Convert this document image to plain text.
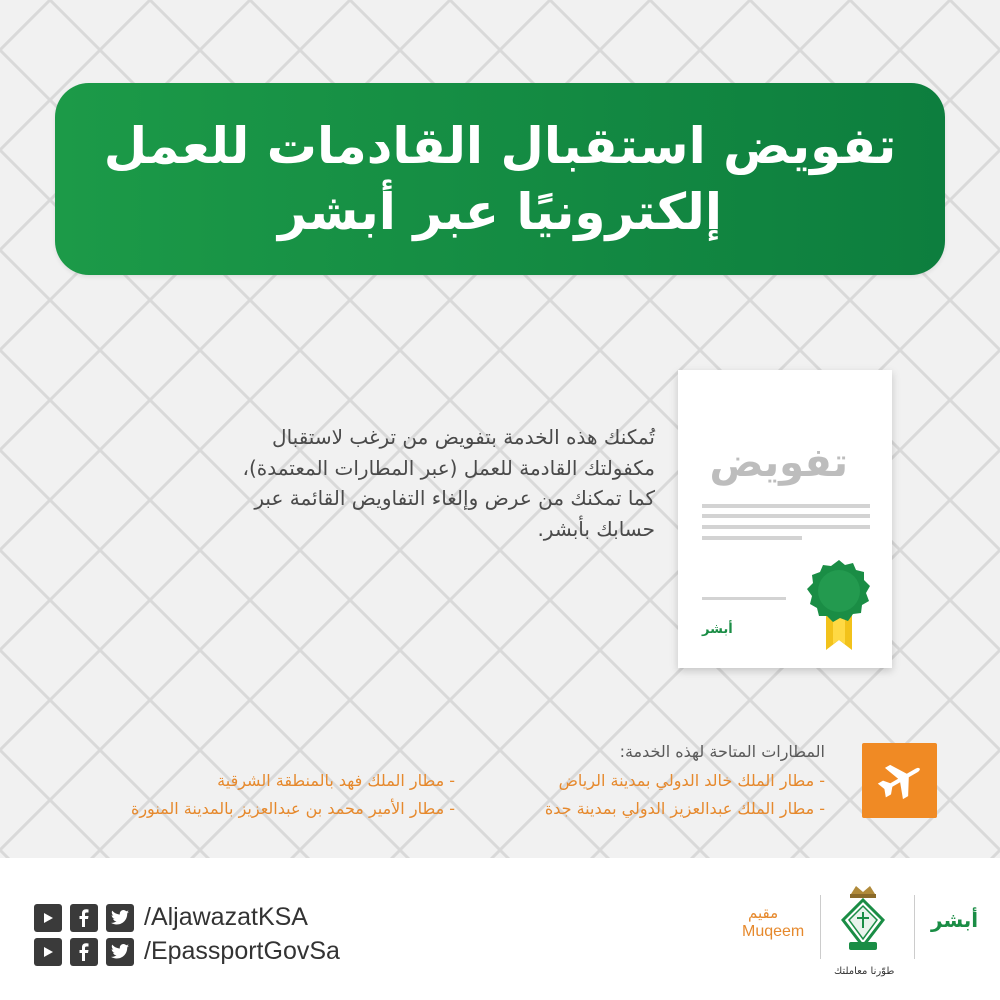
تفويض استقبال القادمات للعمل
إلكترونيًا عبر أبشر
تُمكنك هذه الخدمة بتفويض من ترغب لاستقبال
مكفولتك القادمة للعمل (عبر المطارات المعتمدة)،
كما تمكنك من عرض وإلغاء التفاويض القائمة عبر
حسابك بأبشر.
تفويض
أبشر
المطارات المتاحة لهذه الخدمة:
- مطار الملك خالد الدولي بمدينة الرياض
- مطار الملك عبدالعزيز الدولي بمدينة جدة
- مطار الملك فهد بالمنطقة الشرقية
- مطار الأمير محمد بن عبدالعزيز بالمدينة المنورة
/AljawazatKSA
/EpassportGovSa
مقيم
Muqeem
طوّرنا معاملتك
أبشر
